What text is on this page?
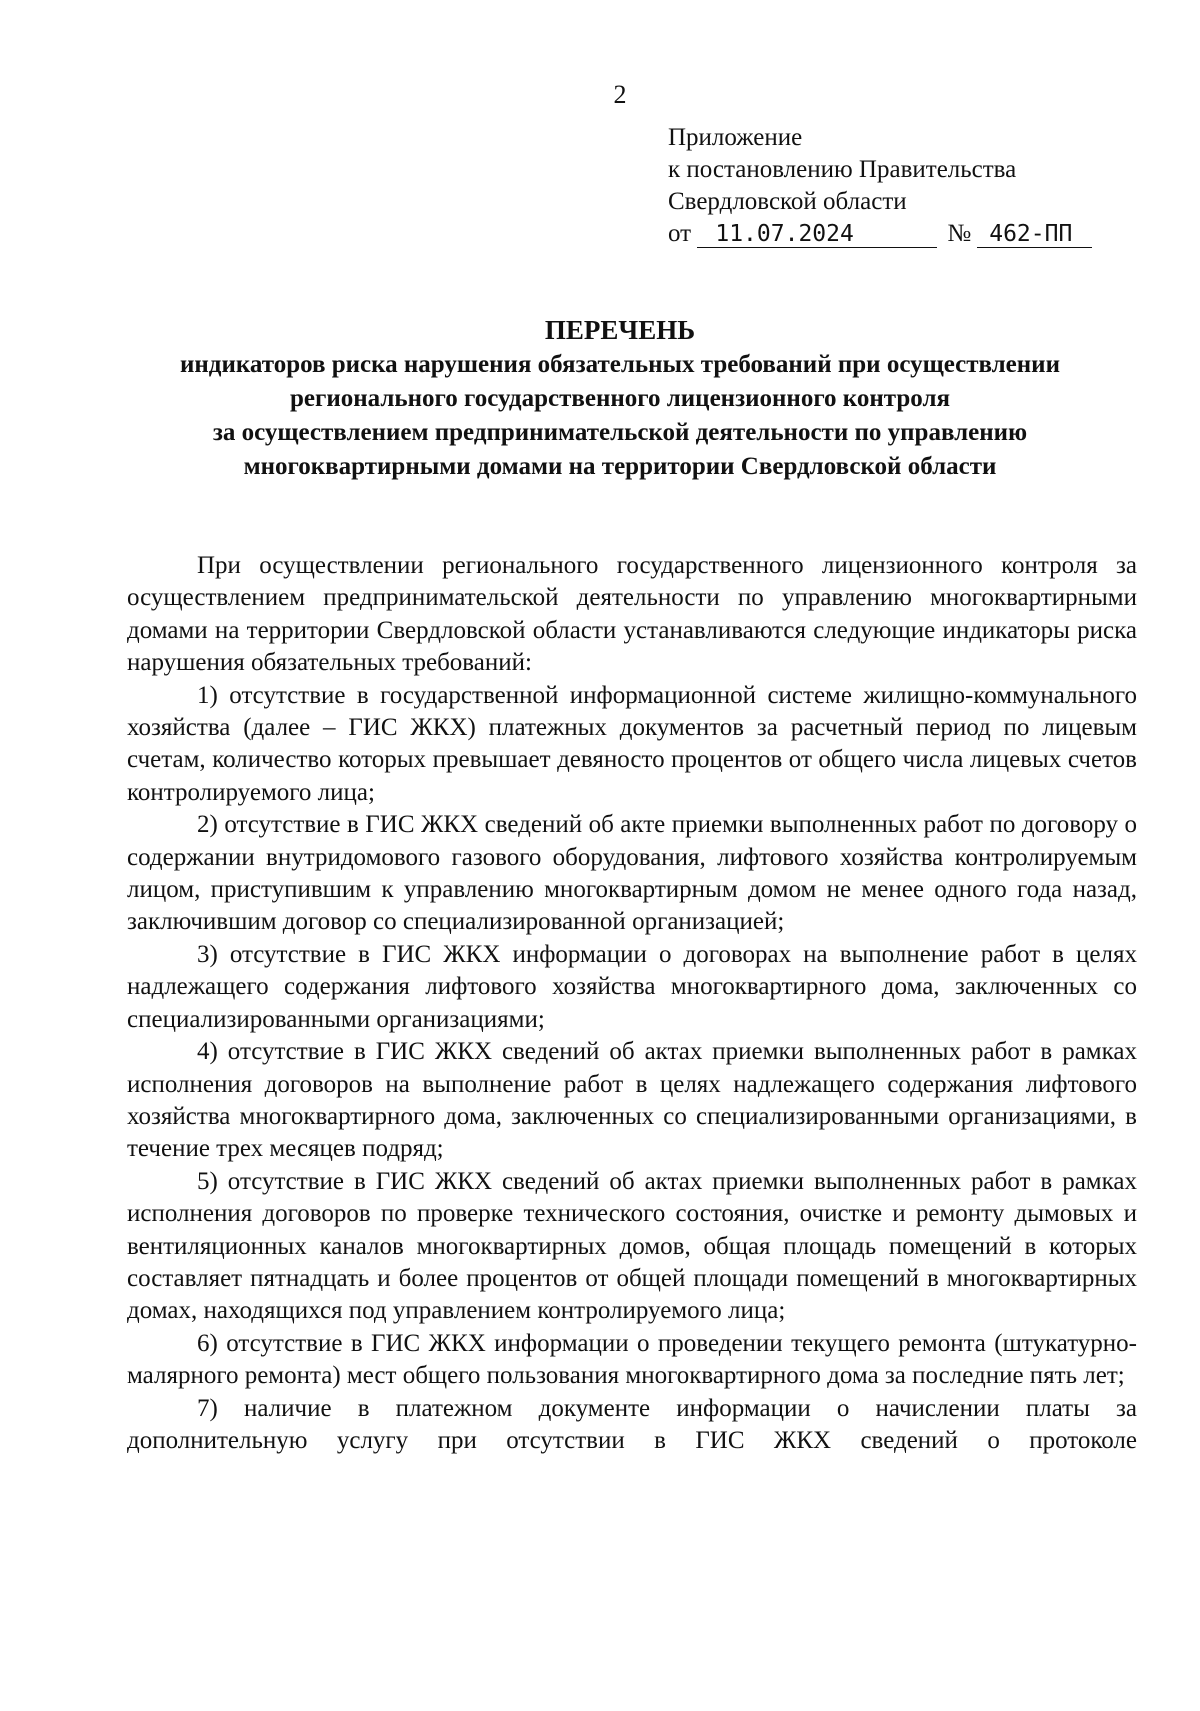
2
Приложение
к постановлению Правительства
Свердловской области
от 11.07.2024	№ 462-ПП
ПЕРЕЧЕНЬ
индикаторов риска нарушения обязательных требований при осуществлении
регионального государственного лицензионного контроля
за осуществлением предпринимательской деятельности по управлению
многоквартирными домами на территории Свердловской области

При осуществлении регионального государственного лицензионного контроля за осуществлением предпринимательской деятельности по управлению многоквартирными домами на территории Свердловской области устанавливаются следующие индикаторы риска нарушения обязательных требований:

1) отсутствие в государственной информационной системе жилищно-коммунального хозяйства (далее – ГИС ЖКХ) платежных документов за расчетный период по лицевым счетам, количество которых превышает девяносто процентов от общего числа лицевых счетов контролируемого лица;

2) отсутствие в ГИС ЖКХ сведений об акте приемки выполненных работ по договору о содержании внутридомового газового оборудования, лифтового хозяйства контролируемым лицом, приступившим к управлению многоквартирным домом не менее одного года назад, заключившим договор со специализированной организацией;

3) отсутствие в ГИС ЖКХ информации о договорах на выполнение работ в целях надлежащего содержания лифтового хозяйства многоквартирного дома, заключенных со специализированными организациями;

4) отсутствие в ГИС ЖКХ сведений об актах приемки выполненных работ в рамках исполнения договоров на выполнение работ в целях надлежащего содержания лифтового хозяйства многоквартирного дома, заключенных со специализированными организациями, в течение трех месяцев подряд;

5) отсутствие в ГИС ЖКХ сведений об актах приемки выполненных работ в рамках исполнения договоров по проверке технического состояния, очистке и ремонту дымовых и вентиляционных каналов многоквартирных домов, общая площадь помещений в которых составляет пятнадцать и более процентов от общей площади помещений в многоквартирных домах, находящихся под управлением контролируемого лица;

6) отсутствие в ГИС ЖКХ информации о проведении текущего ремонта (штукатурно-малярного ремонта) мест общего пользования многоквартирного дома за последние пять лет;

7) наличие в платежном документе информации о начислении платы за дополнительную услугу при отсутствии в ГИС ЖКХ сведений о протоколе
